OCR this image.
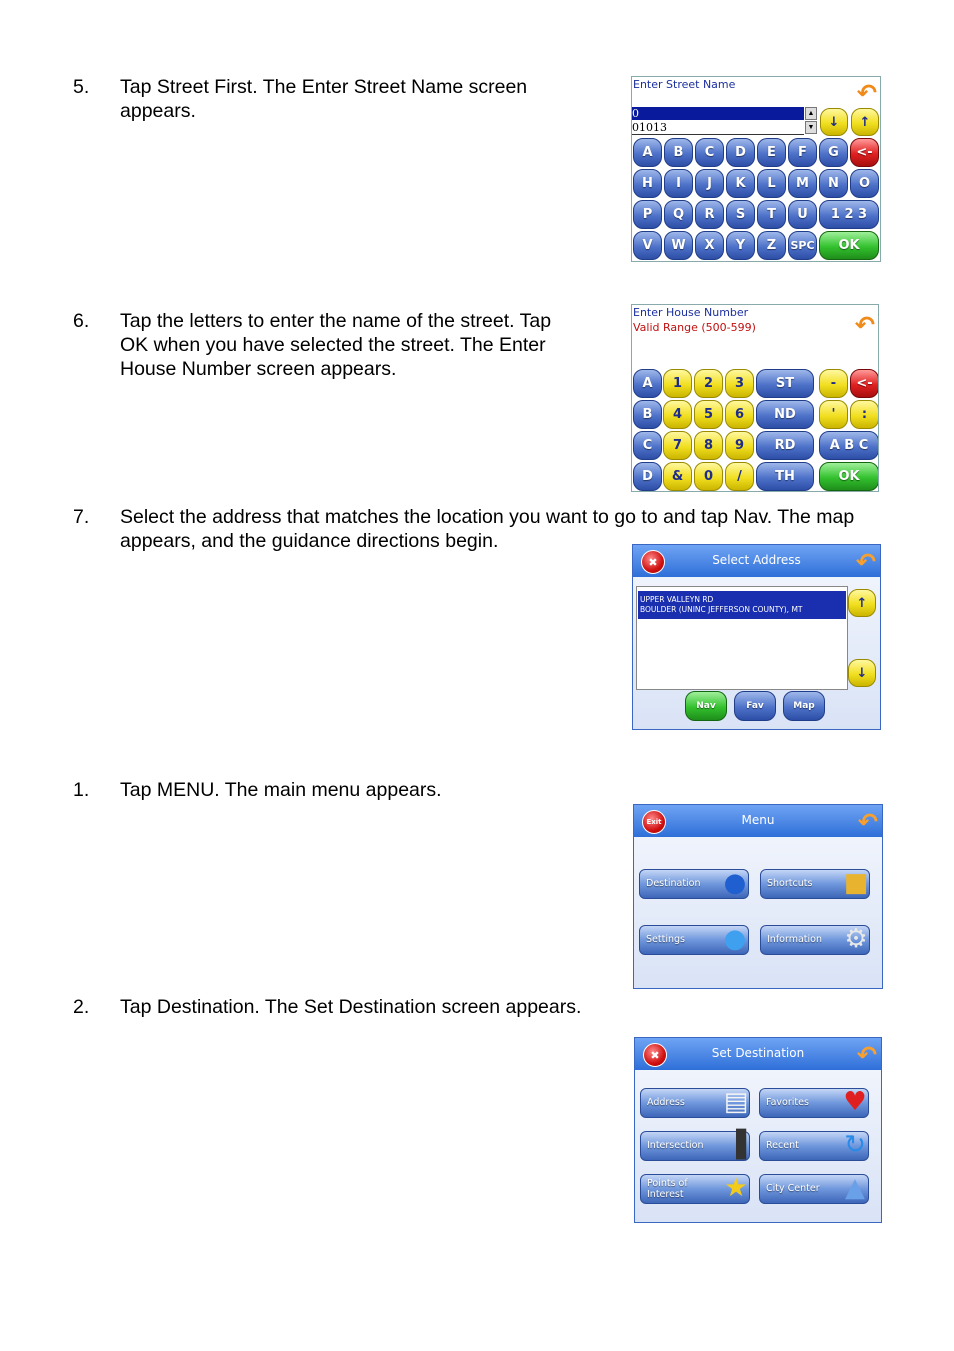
5. Tap Street First. The Enter Street Name screen
appears.
Enter Street Name	↶
0
01013
▲
▼	↓	↑
A	B	C	D	E	F	G	<-
H	I	J	K	L	M	N	O
P	Q	R	S	T	U	1 2 3
V	W	X	Y	Z	SPC	OK
6. Tap the letters to enter the name of the street. Tap
OK when you have selected the street. The Enter
House Number screen appears.
Enter House Number
Valid Range (500-599)	↶
A	1	2	3	ST	-	<-
B	4	5	6	ND	'	:
C	7	8	9	RD	A B C
D	&	0	/	TH	OK
7. Select the address that matches the location you want to go to and tap Nav. The map
appears, and the guidance directions begin.
Select Address
✖	↶
UPPER VALLEYN RD
BOULDER (UNINC JEFFERSON COUNTY), MT	↑
↓
Nav	Fav	Map
1. Tap MENU. The main menu appears.
Menu
Exit	↶
Destination ●	Shortcuts ■
Settings ●	Information ⚙
2. Tap Destination. The Set Destination screen appears.
Set Destination
✖	↶
Address ▤	Favorites ♥
Intersection ▐	Recent ↻
Points of Interest	★	City Center ▲
